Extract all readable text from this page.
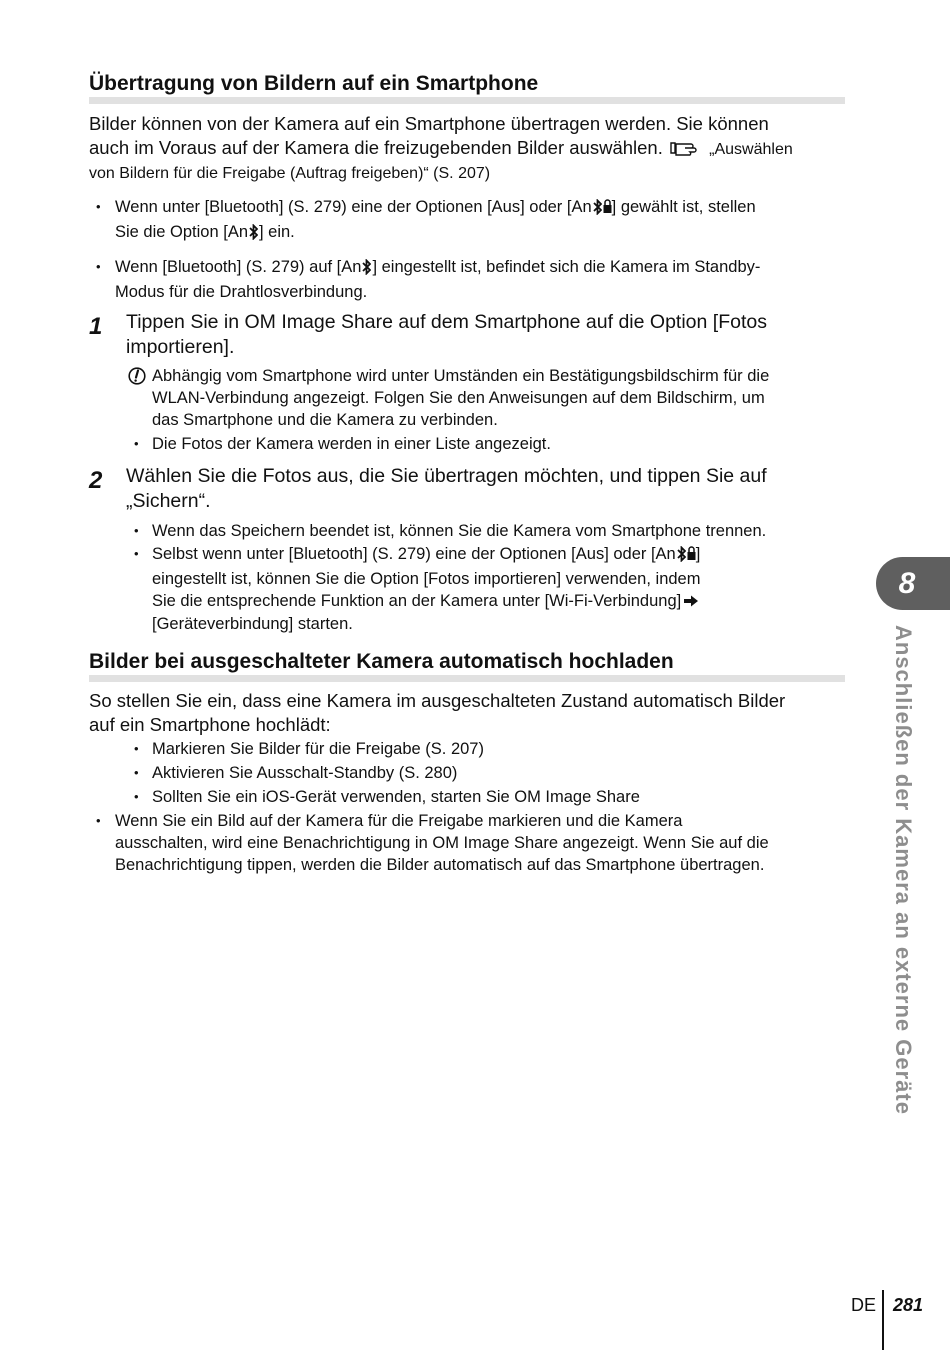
Übertragung von Bildern auf ein Smartphone
Bilder können von der Kamera auf ein Smartphone übertragen werden. Sie können
auch im Voraus auf der Kamera die freizugebenden Bilder auswählen.	„Auswählen
von Bildern für die Freigabe (Auftrag freigeben)“ (S. 207)
• Wenn unter [Bluetooth] (S. 279) eine der Optionen [Aus] oder [An ] gewählt ist, stellen
Sie die Option [An ] ein.
• Wenn [Bluetooth] (S. 279) auf [An ] eingestellt ist, befindet sich die Kamera im Standby-
Modus für die Drahtlosverbindung.
1 Tippen Sie in OM Image Share auf dem Smartphone auf die Option [Fotos
importieren].
Abhängig vom Smartphone wird unter Umständen ein Bestätigungsbildschirm für die
WLAN-Verbindung angezeigt. Folgen Sie den Anweisungen auf dem Bildschirm, um
das Smartphone und die Kamera zu verbinden.
• Die Fotos der Kamera werden in einer Liste angezeigt.
2 Wählen Sie die Fotos aus, die Sie übertragen möchten, und tippen Sie auf
„Sichern“.
• Wenn das Speichern beendet ist, können Sie die Kamera vom Smartphone trennen.
• Selbst wenn unter [Bluetooth] (S. 279) eine der Optionen [Aus] oder [An ]
eingestellt ist, können Sie die Option [Fotos importieren] verwenden, indem
Sie die entsprechende Funktion an der Kamera unter [Wi-Fi-Verbindung]
[Geräteverbindung] starten.
Bilder bei ausgeschalteter Kamera automatisch hochladen
So stellen Sie ein, dass eine Kamera im ausgeschalteten Zustand automatisch Bilder
auf ein Smartphone hochlädt:
• Markieren Sie Bilder für die Freigabe (S. 207)
• Aktivieren Sie Ausschalt-Standby (S. 280)
• Sollten Sie ein iOS-Gerät verwenden, starten Sie OM Image Share
• Wenn Sie ein Bild auf der Kamera für die Freigabe markieren und die Kamera
ausschalten, wird eine Benachrichtigung in OM Image Share angezeigt. Wenn Sie auf die
Benachrichtigung tippen, werden die Bilder automatisch auf das Smartphone übertragen.
8
Anschließen der Kamera an externe Geräte
DE 281
